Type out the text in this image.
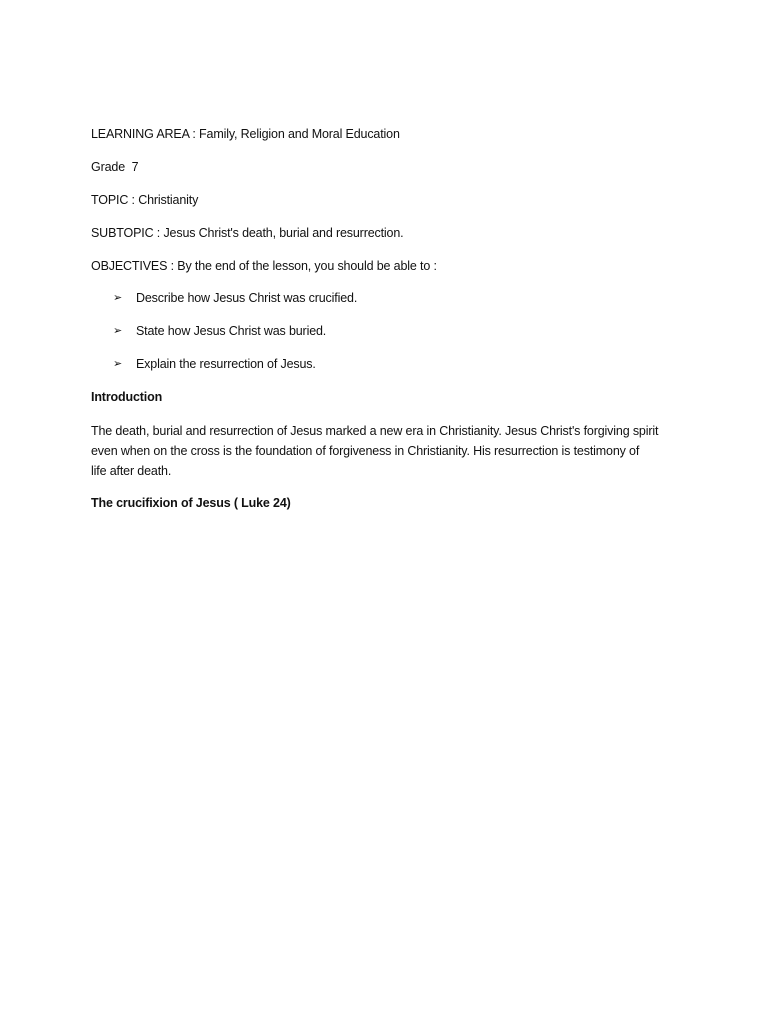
LEARNING AREA : Family, Religion and Moral Education
Grade  7
TOPIC : Christianity
SUBTOPIC : Jesus Christ's death, burial and resurrection.
OBJECTIVES : By the end of the lesson, you should be able to :
➢ Describe how Jesus Christ was crucified.
➢ State how Jesus Christ was buried.
➢ Explain the resurrection of Jesus.
Introduction
The death, burial and resurrection of Jesus marked a new era in Christianity. Jesus Christ's forgiving spirit
even when on the cross is the foundation of forgiveness in Christianity. His resurrection is testimony of
life after death.
The crucifixion of Jesus ( Luke 24)
